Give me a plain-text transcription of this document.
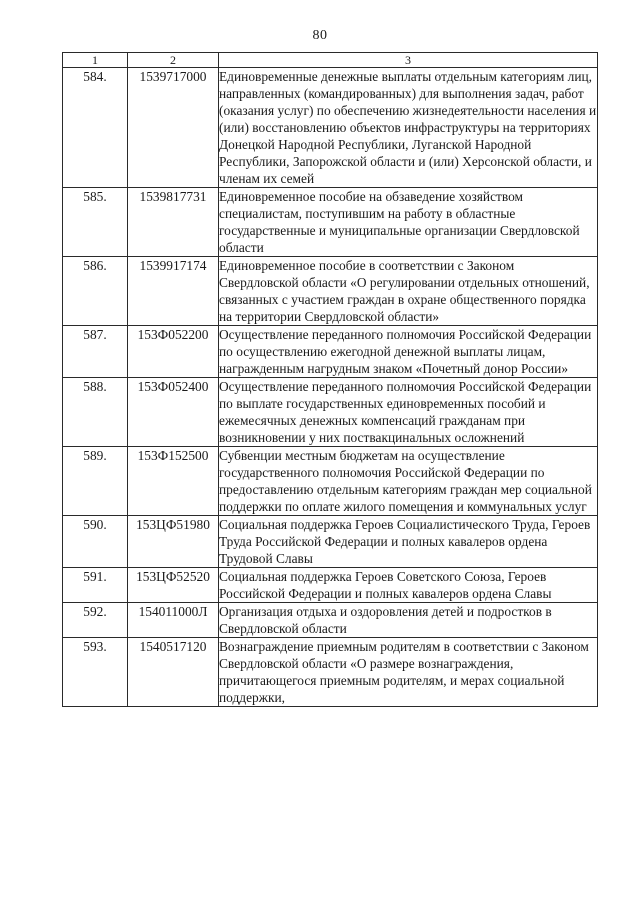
80
1	2	3
584.	1539717000	Единовременные денежные выплаты отдельным категориям лиц, направленных (командированных) для выполнения задач, работ (оказания услуг) по обеспечению жизнедеятельности населения и (или) восстановлению объектов инфраструктуры на территориях Донецкой Народной Республики, Луганской Народной Республики, Запорожской области и (или) Херсонской области, и членам их семей
585.	1539817731	Единовременное пособие на обзаведение хозяйством специалистам, поступившим на работу в областные государственные и муниципальные организации Свердловской области
586.	1539917174	Единовременное пособие в соответствии с Законом Свердловской области «О регулировании отдельных отношений, связанных с участием граждан в охране общественного порядка на территории Свердловской области»
587.	153Ф052200	Осуществление переданного полномочия Российской Федерации по осуществлению ежегодной денежной выплаты лицам, награжденным нагрудным знаком «Почетный донор России»
588.	153Ф052400	Осуществление переданного полномочия Российской Федерации по выплате государственных единовременных пособий и ежемесячных денежных компенсаций гражданам при возникновении у них поствакцинальных осложнений
589.	153Ф152500	Субвенции местным бюджетам на осуществление государственного полномочия Российской Федерации по предоставлению отдельным категориям граждан мер социальной поддержки по оплате жилого помещения и коммунальных услуг
590.	153ЦФ51980	Социальная поддержка Героев Социалистического Труда, Героев Труда Российской Федерации и полных кавалеров ордена Трудовой Славы
591.	153ЦФ52520	Социальная поддержка Героев Советского Союза, Героев Российской Федерации и полных кавалеров ордена Славы
592.	154011000Л	Организация отдыха и оздоровления детей и подростков в Свердловской области
593.	1540517120	Вознаграждение приемным родителям в соответствии с Законом Свердловской области «О размере вознаграждения, причитающегося приемным родителям, и мерах социальной поддержки,
